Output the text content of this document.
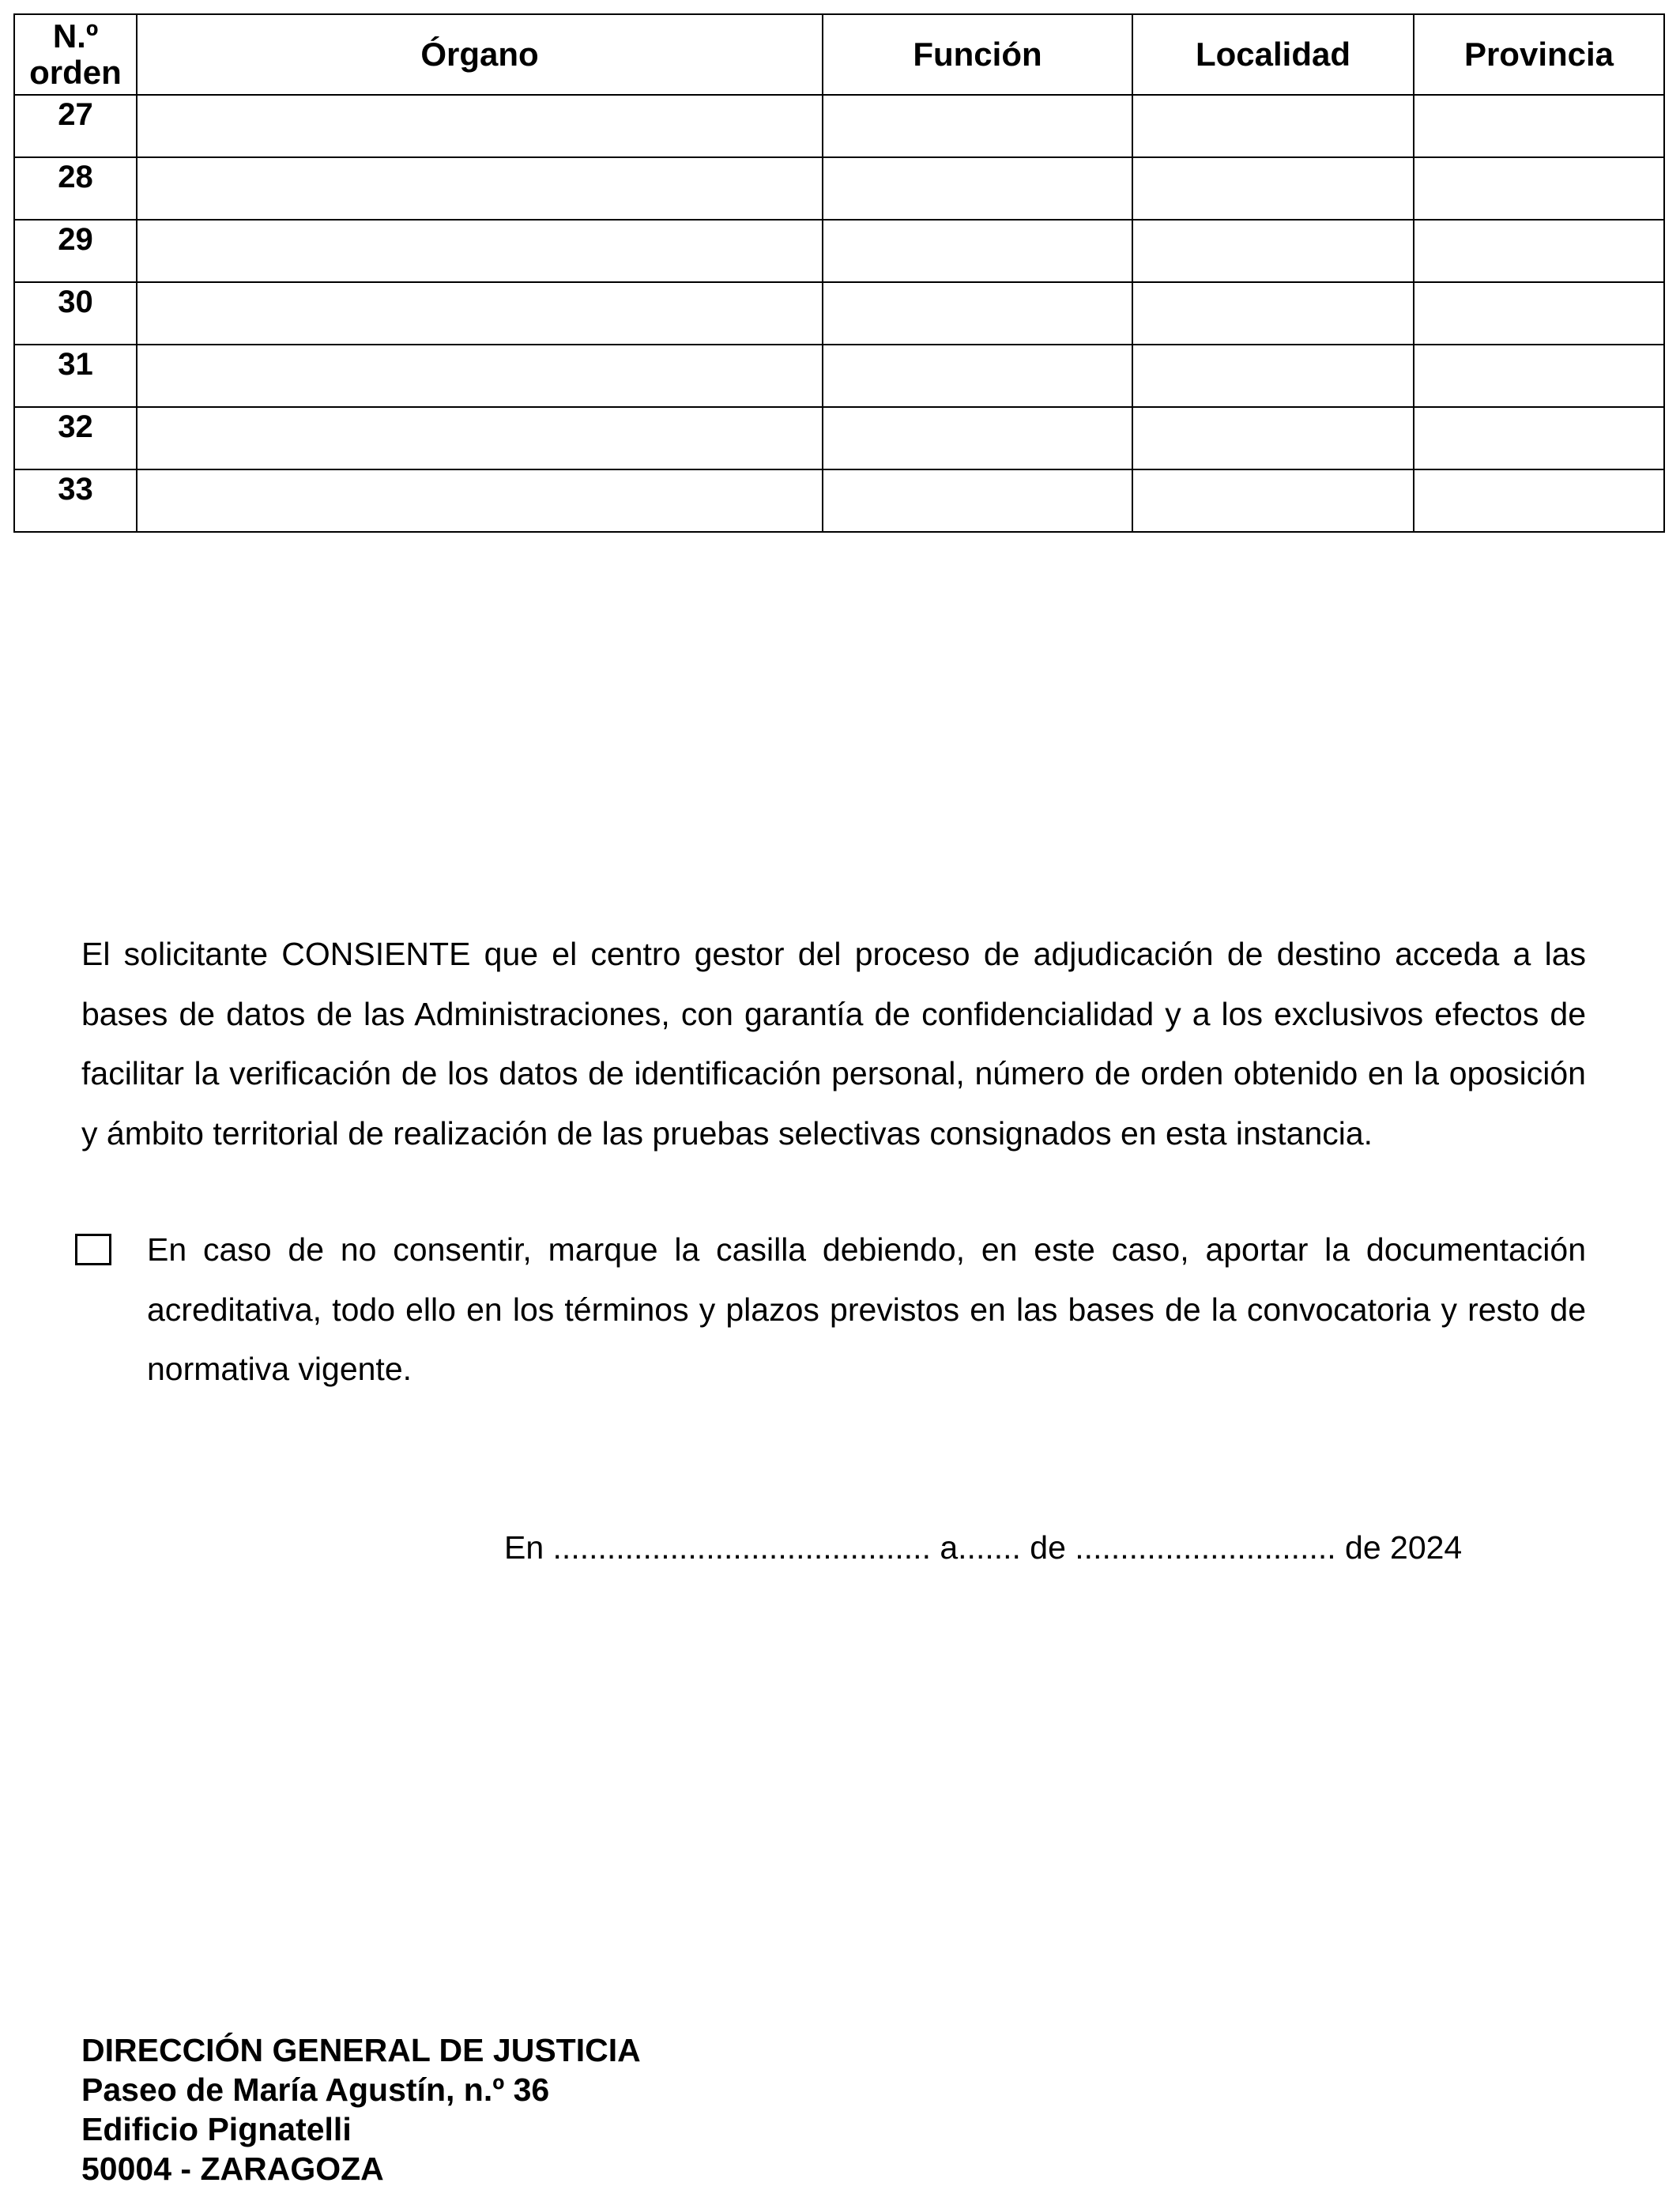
N.º
orden	Órgano	Función	Localidad	Provincia
27				
28				
29				
30				
31				
32				
33				

El solicitante CONSIENTE que el centro gestor del proceso de adjudicación de destino acceda a las bases de datos de las Administraciones, con garantía de confidencialidad y a los exclusivos efectos de facilitar la verificación de los datos de identificación personal, número de orden obtenido en la oposición y ámbito territorial de realización de las pruebas selectivas consignados en esta instancia.

En caso de no consentir, marque la casilla debiendo, en este caso, aportar la documentación acreditativa, todo ello en los términos y plazos previstos en las bases de la convocatoria y resto de normativa vigente.

En .......................................... a....... de ............................. de 2024
DIRECCIÓN GENERAL DE JUSTICIA
Paseo de María Agustín, n.º 36
Edificio Pignatelli
50004 - ZARAGOZA
